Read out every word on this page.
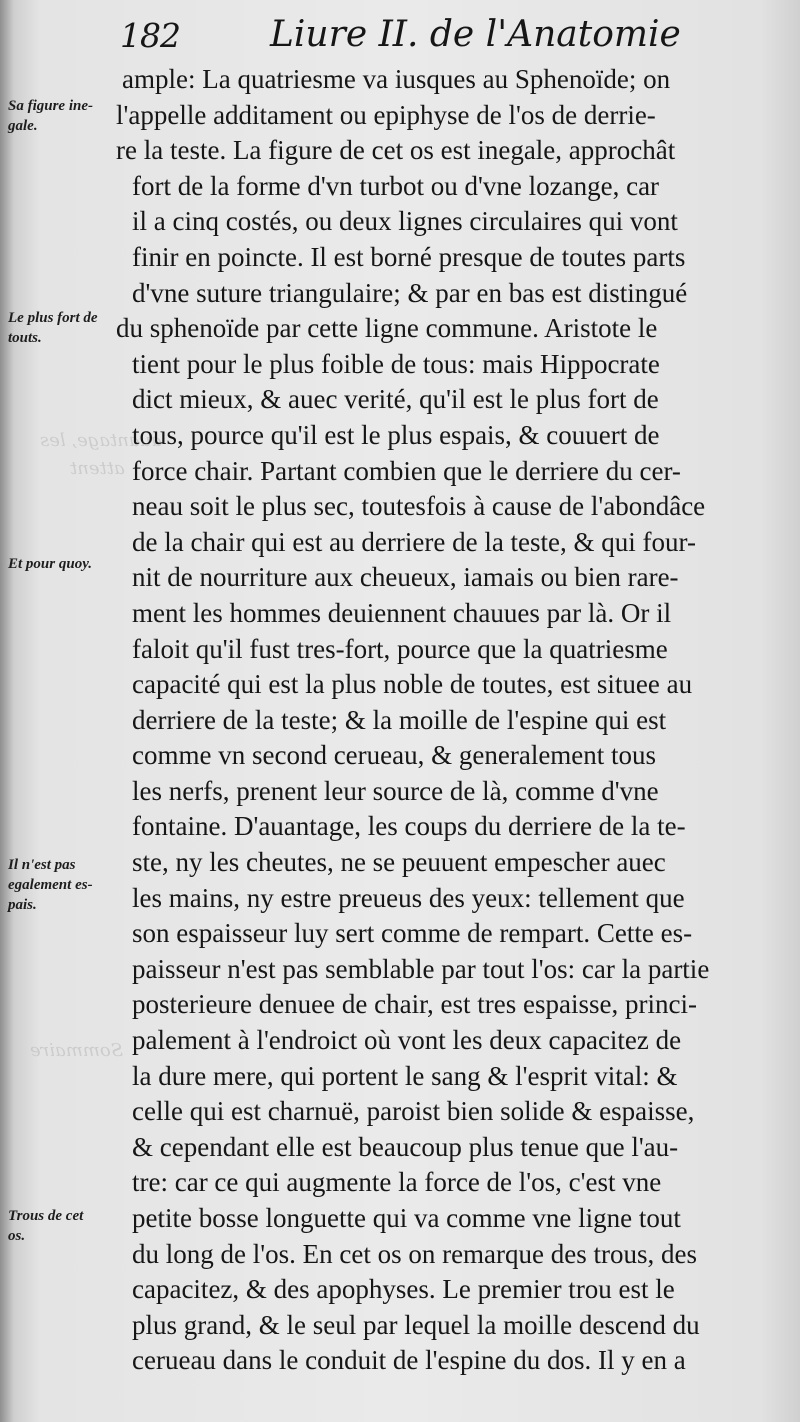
auantage, les
attent
Sommaire
182	Liure II. de l'Anatomie
Sa figure ine-
gale.
Le plus fort de
touts.
Et pour quoy.
Il n'est pas
egalement es-
pais.
Trous de cet
os.
ample: La quatriesme va iusques au Sphenoïde; on
l'appelle additament ou epiphyse de l'os de derrie-
re la teste. La figure de cet os est inegale, approchât
fort de la forme d'vn turbot ou d'vne lozange, car
il a cinq costés, ou deux lignes circulaires qui vont
finir en poincte. Il est borné presque de toutes parts
d'vne suture triangulaire; & par en bas est distingué
du sphenoïde par cette ligne commune. Aristote le
tient pour le plus foible de tous: mais Hippocrate
dict mieux, & auec verité, qu'il est le plus fort de
tous, pource qu'il est le plus espais, & couuert de
force chair. Partant combien que le derriere du cer-
neau soit le plus sec, toutesfois à cause de l'abondâce
de la chair qui est au derriere de la teste, & qui four-
nit de nourriture aux cheueux, iamais ou bien rare-
ment les hommes deuiennent chauues par là. Or il
faloit qu'il fust tres-fort, pource que la quatriesme
capacité qui est la plus noble de toutes, est situee au
derriere de la teste; & la moille de l'espine qui est
comme vn second cerueau, & generalement tous
les nerfs, prenent leur source de là, comme d'vne
fontaine. D'auantage, les coups du derriere de la te-
ste, ny les cheutes, ne se peuuent empescher auec
les mains, ny estre preueus des yeux: tellement que
son espaisseur luy sert comme de rempart. Cette es-
paisseur n'est pas semblable par tout l'os: car la partie
posterieure denuee de chair, est tres espaisse, princi-
palement à l'endroict où vont les deux capacitez de
la dure mere, qui portent le sang & l'esprit vital: &
celle qui est charnuë, paroist bien solide & espaisse,
& cependant elle est beaucoup plus tenue que l'au-
tre: car ce qui augmente la force de l'os, c'est vne
petite bosse longuette qui va comme vne ligne tout
du long de l'os. En cet os on remarque des trous, des
capacitez, & des apophyses. Le premier trou est le
plus grand, & le seul par lequel la moille descend du
cerueau dans le conduit de l'espine du dos. Il y en a
